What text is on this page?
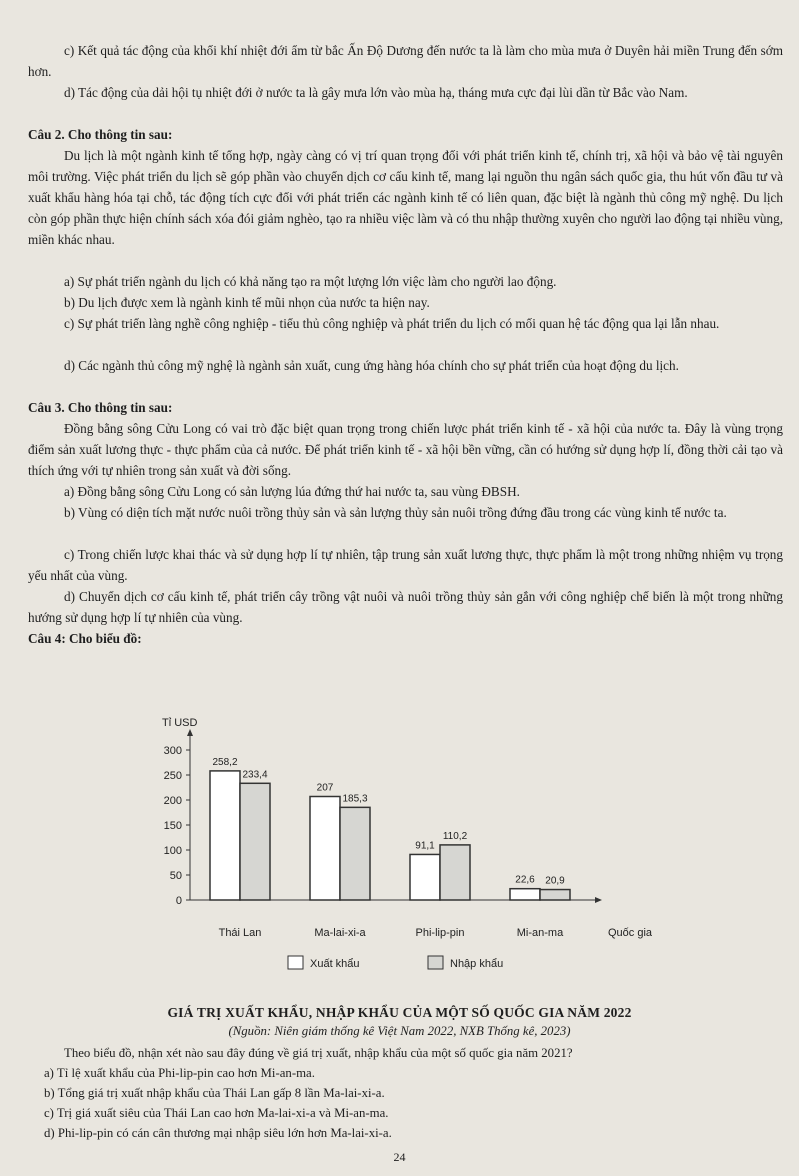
c) Kết quả tác động của khối khí nhiệt đới ẩm từ bắc Ấn Độ Dương đến nước ta là làm cho mùa mưa ở Duyên hải miền Trung đến sớm hơn.
d) Tác động của dải hội tụ nhiệt đới ở nước ta là gây mưa lớn vào mùa hạ, tháng mưa cực đại lùi dần từ Bắc vào Nam.
Câu 2. Cho thông tin sau:
Du lịch là một ngành kinh tế tổng hợp, ngày càng có vị trí quan trọng đối với phát triển kinh tế, chính trị, xã hội và bảo vệ tài nguyên môi trường. Việc phát triển du lịch sẽ góp phần vào chuyển dịch cơ cấu kinh tế, mang lại nguồn thu ngân sách quốc gia, thu hút vốn đầu tư và xuất khẩu hàng hóa tại chỗ, tác động tích cực đối với phát triển các ngành kinh tế có liên quan, đặc biệt là ngành thủ công mỹ nghệ. Du lịch còn góp phần thực hiện chính sách xóa đói giảm nghèo, tạo ra nhiều việc làm và có thu nhập thường xuyên cho người lao động tại nhiều vùng, miền khác nhau.
a) Sự phát triển ngành du lịch có khả năng tạo ra một lượng lớn việc làm cho người lao động.
b) Du lịch được xem là ngành kinh tế mũi nhọn của nước ta hiện nay.
c) Sự phát triển làng nghề công nghiệp - tiểu thủ công nghiệp và phát triển du lịch có mối quan hệ tác động qua lại lẫn nhau.
d) Các ngành thủ công mỹ nghệ là ngành sản xuất, cung ứng hàng hóa chính cho sự phát triển của hoạt động du lịch.
Câu 3. Cho thông tin sau:
Đồng bằng sông Cửu Long có vai trò đặc biệt quan trọng trong chiến lược phát triển kinh tế - xã hội của nước ta. Đây là vùng trọng điểm sản xuất lương thực - thực phẩm của cả nước. Để phát triển kinh tế - xã hội bền vững, cần có hướng sử dụng hợp lí, đồng thời cải tạo và thích ứng với tự nhiên trong sản xuất và đời sống.
a) Đồng bằng sông Cửu Long có sản lượng lúa đứng thứ hai nước ta, sau vùng ĐBSH.
b) Vùng có diện tích mặt nước nuôi trồng thủy sản và sản lượng thủy sản nuôi trồng đứng đầu trong các vùng kinh tế nước ta.
c) Trong chiến lược khai thác và sử dụng hợp lí tự nhiên, tập trung sản xuất lương thực, thực phẩm là một trong những nhiệm vụ trọng yếu nhất của vùng.
d) Chuyển dịch cơ cấu kinh tế, phát triển cây trồng vật nuôi và nuôi trồng thủy sản gắn với công nghiệp chế biến là một trong những hướng sử dụng hợp lí tự nhiên của vùng.
Câu 4: Cho biểu đồ:
Tỉ USD
Quốc gia
0
50
100
150
200
250
300
258,2
233,4
Thái Lan
207
185,3
Ma-lai-xi-a
91,1
110,2
Phi-lip-pin
22,6 20,9
Mi-an-ma
Xuất khẩu	Nhập khẩu
GIÁ TRỊ XUẤT KHẨU, NHẬP KHẨU CỦA MỘT SỐ QUỐC GIA NĂM 2022
(Nguồn: Niên giám thống kê Việt Nam 2022, NXB Thống kê, 2023)
Theo biểu đồ, nhận xét nào sau đây đúng về giá trị xuất, nhập khẩu của một số quốc gia năm 2021?
a) Tỉ lệ xuất khẩu của Phi-lip-pin cao hơn Mi-an-ma.
b) Tổng giá trị xuất nhập khẩu của Thái Lan gấp 8 lần Ma-lai-xi-a.
c) Trị giá xuất siêu của Thái Lan cao hơn Ma-lai-xi-a và Mi-an-ma.
d) Phi-lip-pin có cán cân thương mại nhập siêu lớn hơn Ma-lai-xi-a.
24
